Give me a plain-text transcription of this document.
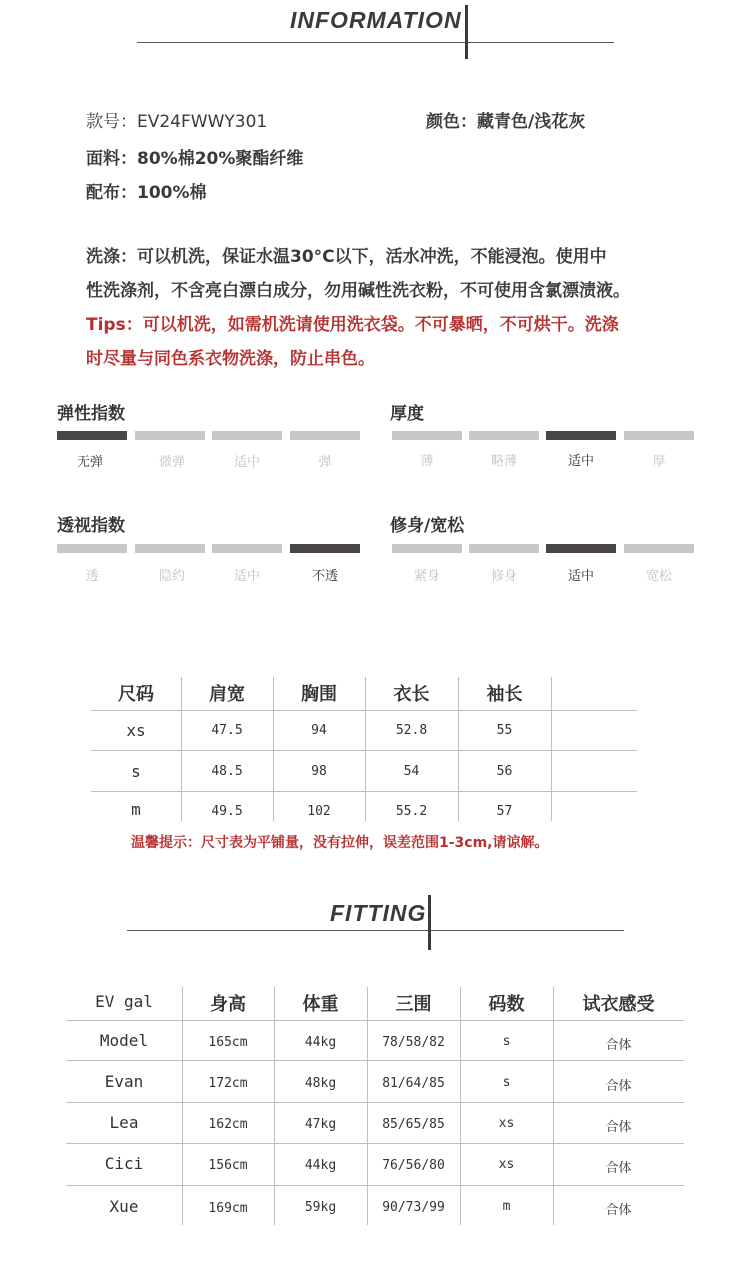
INFORMATION
款号：EV24FWWY301	颜色：藏青色/浅花灰
面料：80%棉20%聚酯纤维
配布：100%棉

洗涤：可以机洗，保证水温30°C以下，活水冲洗，不能浸泡。使用中

性洗涤剂，不含亮白漂白成分，勿用碱性洗衣粉，不可使用含氯漂渍液。

Tips：可以机洗，如需机洗请使用洗衣袋。不可暴晒，不可烘干。洗涤

时尽量与同色系衣物洗涤，防止串色。

弹性指数
无弹	微弹	适中	弹
厚度
薄	略薄	适中	厚
透视指数
透	隐约	适中	不透
修身/宽松
紧身	修身	适中	宽松
尺码	肩宽	胸围	衣长	袖长
xs	47.5	94	52.8	55
s	48.5	98	54	56
m	49.5	102	55.2	57
温馨提示：尺寸表为平铺量，没有拉伸，误差范围1-3cm,请谅解。
FITTING
EV gal	身高	体重	三围	码数	试衣感受
Model	165cm	44kg	78/58/82	s	合体
Evan	172cm	48kg	81/64/85	s	合体
Lea	162cm	47kg	85/65/85	xs	合体
Cici	156cm	44kg	76/56/80	xs	合体
Xue	169cm	59kg	90/73/99	m	合体
